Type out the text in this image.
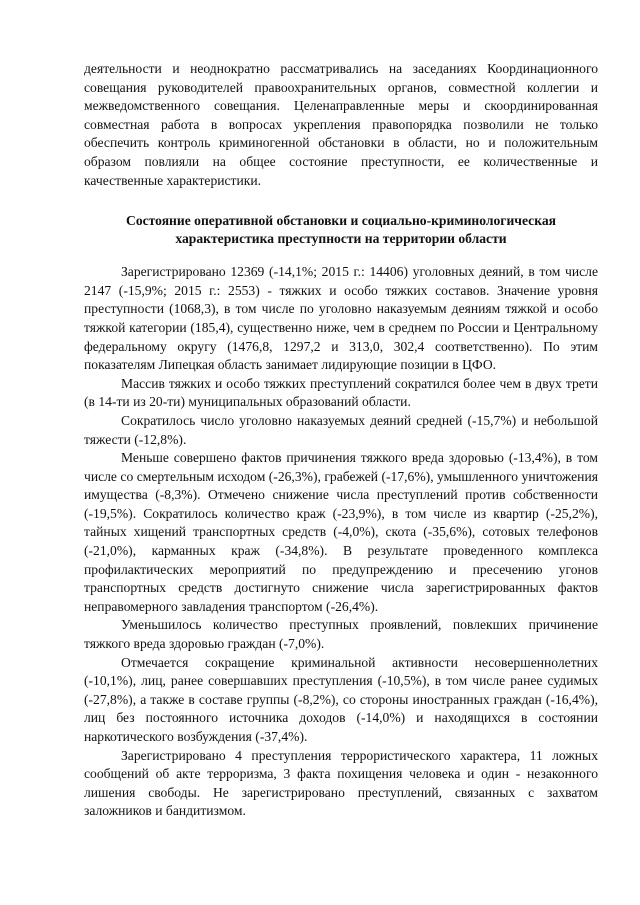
деятельности и неоднократно рассматривались на заседаниях Координационного совещания руководителей правоохранительных органов, совместной коллегии и межведомственного совещания. Целенаправленные меры и скоординированная совместная работа в вопросах укрепления правопорядка позволили не только обеспечить контроль криминогенной обстановки в области, но и положительным образом повлияли на общее состояние преступности, ее количественные и качественные характеристики.

Состояние оперативной обстановки и социально-криминологическая характеристика преступности на территории области

Зарегистрировано 12369 (-14,1%; 2015 г.: 14406) уголовных деяний, в том числе 2147 (-15,9%; 2015 г.: 2553) - тяжких и особо тяжких составов. Значение уровня преступности (1068,3), в том числе по уголовно наказуемым деяниям тяжкой и особо тяжкой категории (185,4), существенно ниже, чем в среднем по России и Центральному федеральному округу (1476,8, 1297,2 и 313,0, 302,4 соответственно). По этим показателям Липецкая область занимает лидирующие позиции в ЦФО.

Массив тяжких и особо тяжких преступлений сократился более чем в двух трети (в 14-ти из 20-ти) муниципальных образований области.

Сократилось число уголовно наказуемых деяний средней (-15,7%) и небольшой тяжести (-12,8%).

Меньше совершено фактов причинения тяжкого вреда здоровью (-13,4%), в том числе со смертельным исходом (-26,3%), грабежей (-17,6%), умышленного уничтожения имущества (-8,3%). Отмечено снижение числа преступлений против собственности (-19,5%). Сократилось количество краж (-23,9%), в том числе из квартир (-25,2%), тайных хищений транспортных средств (-4,0%), скота (-35,6%), сотовых телефонов (-21,0%), карманных краж (-34,8%). В результате проведенного комплекса профилактических мероприятий по предупреждению и пресечению угонов транспортных средств достигнуто снижение числа зарегистрированных фактов неправомерного завладения транспортом (-26,4%).

Уменьшилось количество преступных проявлений, повлекших причинение тяжкого вреда здоровью граждан (-7,0%).

Отмечается сокращение криминальной активности несовершеннолетних (-10,1%), лиц, ранее совершавших преступления (-10,5%), в том числе ранее судимых (-27,8%), а также в составе группы (-8,2%), со стороны иностранных граждан (-16,4%), лиц без постоянного источника доходов (-14,0%) и находящихся в состоянии наркотического возбуждения (-37,4%).

Зарегистрировано 4 преступления террористического характера, 11 ложных сообщений об акте терроризма, 3 факта похищения человека и один - незаконного лишения свободы. Не зарегистрировано преступлений, связанных с захватом заложников и бандитизмом.
